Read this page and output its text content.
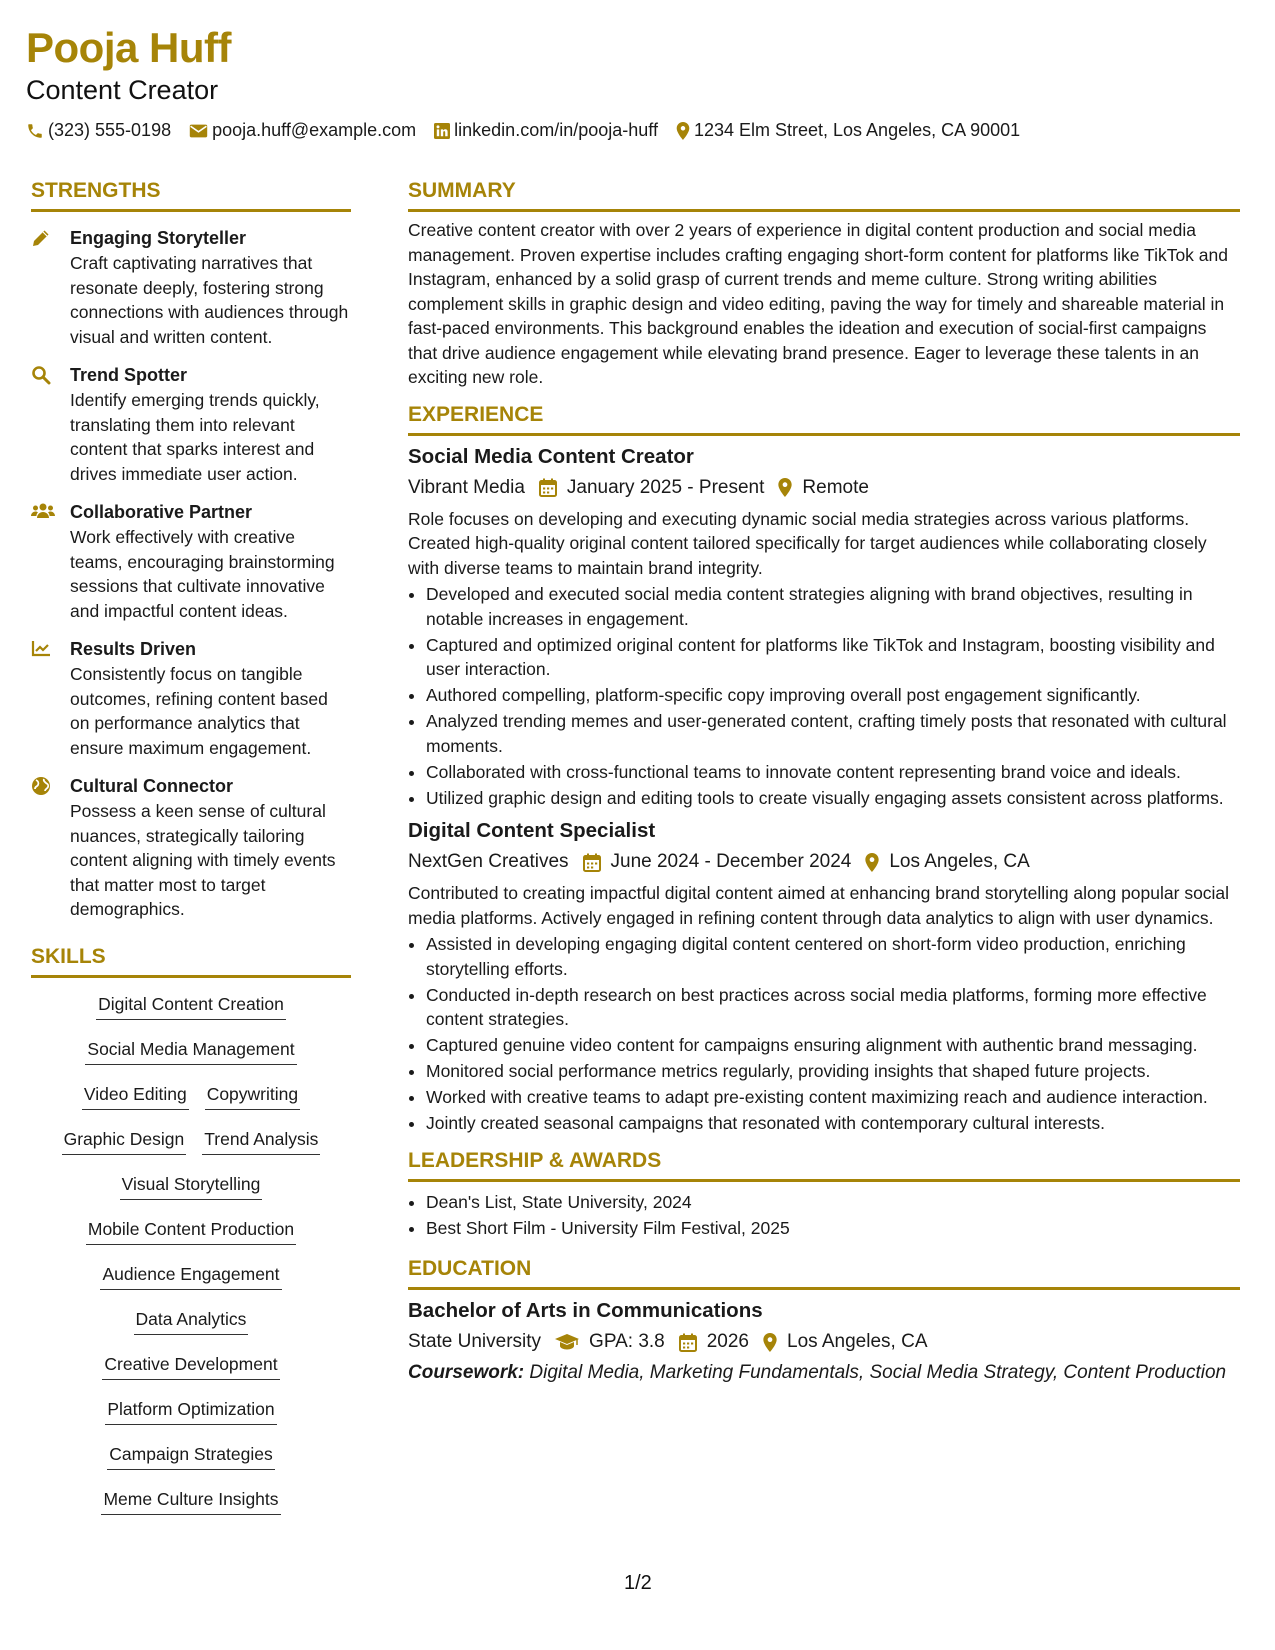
Pooja Huff
Content Creator
(323) 555-0198 pooja.huff@example.com linkedin.com/in/pooja-huff 1234 Elm Street, Los Angeles, CA 90001
STRENGTHS
Engaging Storyteller
Craft captivating narratives that resonate deeply, fostering strong connections with audiences through visual and written content.
Trend Spotter
Identify emerging trends quickly, translating them into relevant content that sparks interest and drives immediate user action.
Collaborative Partner
Work effectively with creative teams, encouraging brainstorming sessions that cultivate innovative and impactful content ideas.
Results Driven
Consistently focus on tangible outcomes, refining content based on performance analytics that ensure maximum engagement.
Cultural Connector
Possess a keen sense of cultural nuances, strategically tailoring content aligning with timely events that matter most to target demographics.
SKILLS
Digital Content Creation
Social Media Management
Video Editing Copywriting
Graphic Design Trend Analysis
Visual Storytelling
Mobile Content Production
Audience Engagement
Data Analytics
Creative Development
Platform Optimization
Campaign Strategies
Meme Culture Insights
SUMMARY
Creative content creator with over 2 years of experience in digital content production and social media management. Proven expertise includes crafting engaging short-form content for platforms like TikTok and Instagram, enhanced by a solid grasp of current trends and meme culture. Strong writing abilities complement skills in graphic design and video editing, paving the way for timely and shareable material in fast-paced environments. This background enables the ideation and execution of social-first campaigns that drive audience engagement while elevating brand presence. Eager to leverage these talents in an exciting new role.
EXPERIENCE
Social Media Content Creator
Vibrant Media January 2025 - Present Remote
Role focuses on developing and executing dynamic social media strategies across various platforms. Created high-quality original content tailored specifically for target audiences while collaborating closely with diverse teams to maintain brand integrity.
• Developed and executed social media content strategies aligning with brand objectives, resulting in notable increases in engagement.
• Captured and optimized original content for platforms like TikTok and Instagram, boosting visibility and user interaction.
• Authored compelling, platform-specific copy improving overall post engagement significantly.
• Analyzed trending memes and user-generated content, crafting timely posts that resonated with cultural moments.
• Collaborated with cross-functional teams to innovate content representing brand voice and ideals.
• Utilized graphic design and editing tools to create visually engaging assets consistent across platforms.
Digital Content Specialist
NextGen Creatives June 2024 - December 2024 Los Angeles, CA
Contributed to creating impactful digital content aimed at enhancing brand storytelling along popular social media platforms. Actively engaged in refining content through data analytics to align with user dynamics.
• Assisted in developing engaging digital content centered on short-form video production, enriching storytelling efforts.
• Conducted in-depth research on best practices across social media platforms, forming more effective content strategies.
• Captured genuine video content for campaigns ensuring alignment with authentic brand messaging.
• Monitored social performance metrics regularly, providing insights that shaped future projects.
• Worked with creative teams to adapt pre-existing content maximizing reach and audience interaction.
• Jointly created seasonal campaigns that resonated with contemporary cultural interests.
LEADERSHIP & AWARDS
• Dean's List, State University, 2024
• Best Short Film - University Film Festival, 2025
EDUCATION
Bachelor of Arts in Communications
State University	GPA: 3.8 2026 Los Angeles, CA
Coursework: Digital Media, Marketing Fundamentals, Social Media Strategy, Content Production
1/2
